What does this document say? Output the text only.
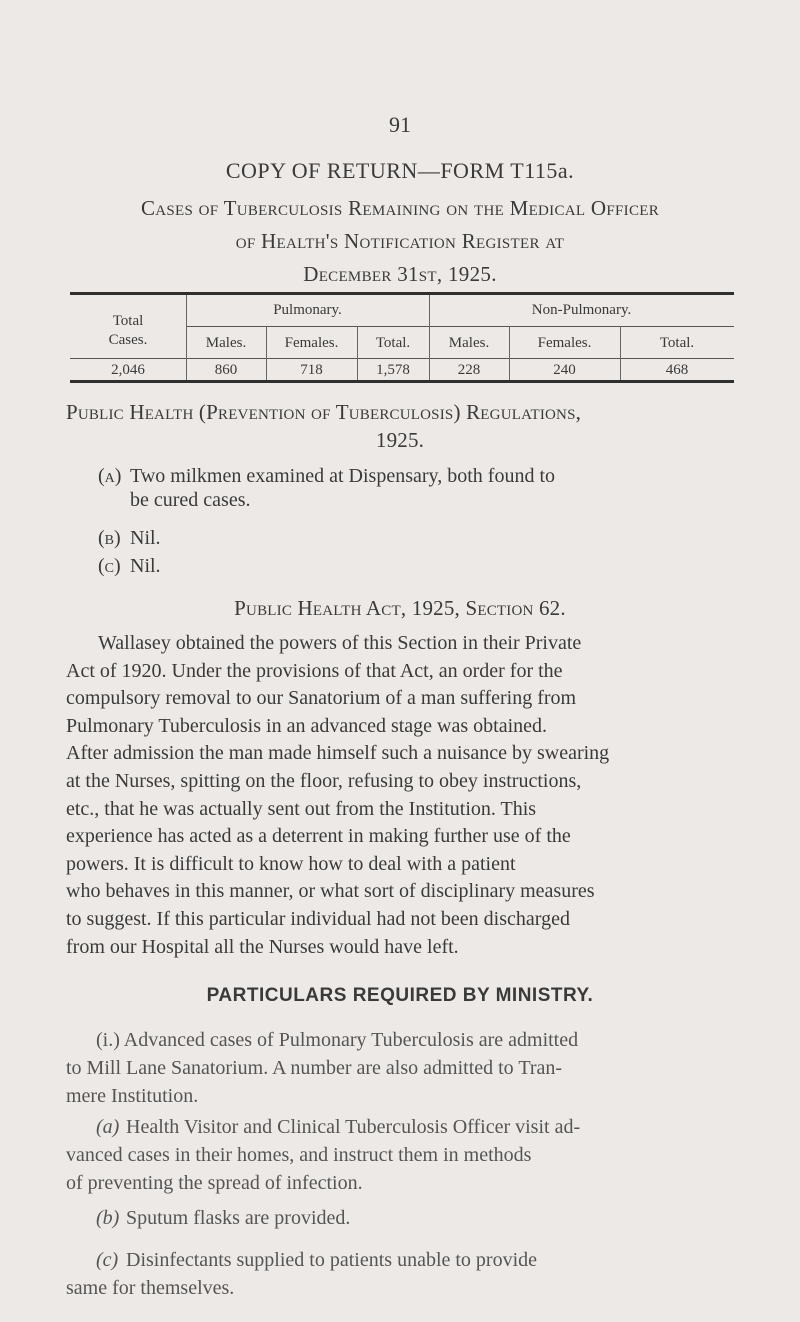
91
COPY OF RETURN—FORM T115a.
Cases of Tuberculosis Remaining on the Medical Officer
of Health's Notification Register at
December 31st, 1925.
Total
Cases.
Pulmonary.	Non-Pulmonary.
Males.	Females.	Total.	Males.	Females.	Total.
2,046	860	718	1,578	228	240	468
Public Health (Prevention of Tuberculosis) Regulations,
1925.
(a) Two milkmen examined at Dispensary, both found to
be cured cases.
(b) Nil.
(c) Nil.
Public Health Act, 1925, Section 62.
Wallasey obtained the powers of this Section in their Private
Act of 1920. Under the provisions of that Act, an order for the
compulsory removal to our Sanatorium of a man suffering from
Pulmonary Tuberculosis in an advanced stage was obtained.
After admission the man made himself such a nuisance by swearing
at the Nurses, spitting on the floor, refusing to obey instructions,
etc., that he was actually sent out from the Institution. This
experience has acted as a deterrent in making further use of the
powers. It is difficult to know how to deal with a patient
who behaves in this manner, or what sort of disciplinary measures
to suggest. If this particular individual had not been discharged
from our Hospital all the Nurses would have left.
PARTICULARS REQUIRED BY MINISTRY.
(i.) Advanced cases of Pulmonary Tuberculosis are admitted
to Mill Lane Sanatorium. A number are also admitted to Tran-
mere Institution.
(a) Health Visitor and Clinical Tuberculosis Officer visit ad-
vanced cases in their homes, and instruct them in methods
of preventing the spread of infection.
(b) Sputum flasks are provided.
(c) Disinfectants supplied to patients unable to provide
same for themselves.
